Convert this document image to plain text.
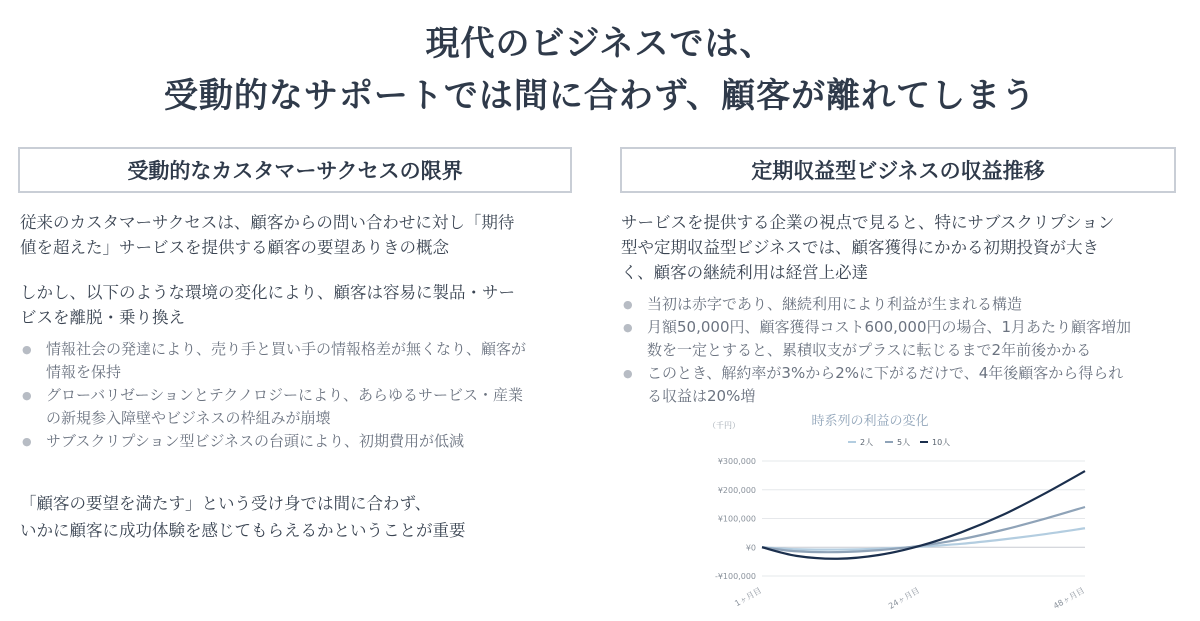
現代のビジネスでは、
受動的なサポートでは間に合わず、顧客が離れてしまう
受動的なカスタマーサクセスの限界	定期収益型ビジネスの収益推移

従来のカスタマーサクセスは、顧客からの問い合わせに対し「期待
値を超えた」サービスを提供する顧客の要望ありきの概念

しかし、以下のような環境の変化により、顧客は容易に製品・サー
ビスを離脱・乗り換え

● 情報社会の発達により、売り手と買い手の情報格差が無くなり、顧客が
情報を保持
● グローバリゼーションとテクノロジーにより、あらゆるサービス・産業
の新規参入障壁やビジネスの枠組みが崩壊
● サブスクリプション型ビジネスの台頭により、初期費用が低減

「顧客の要望を満たす」という受け身では間に合わず、
いかに顧客に成功体験を感じてもらえるかということが重要

サービスを提供する企業の視点で見ると、特にサブスクリプション
型や定期収益型ビジネスでは、顧客獲得にかかる初期投資が大き
く、顧客の継続利用は経営上必達

● 当初は赤字であり、継続利用により利益が生まれる構造
● 月額50,000円、顧客獲得コスト600,000円の場合、1月あたり顧客増加
数を一定とすると、累積収支がプラスに転じるまで2年前後かかる
● このとき、解約率が3%から2%に下がるだけで、4年後顧客から得られ
る収益は20%増
時系列の利益の変化
（千円）
2人	5人	10人
-¥100,000
¥0
¥100,000
¥200,000
¥300,000
1ヶ月目	24ヶ月目	48ヶ月目
